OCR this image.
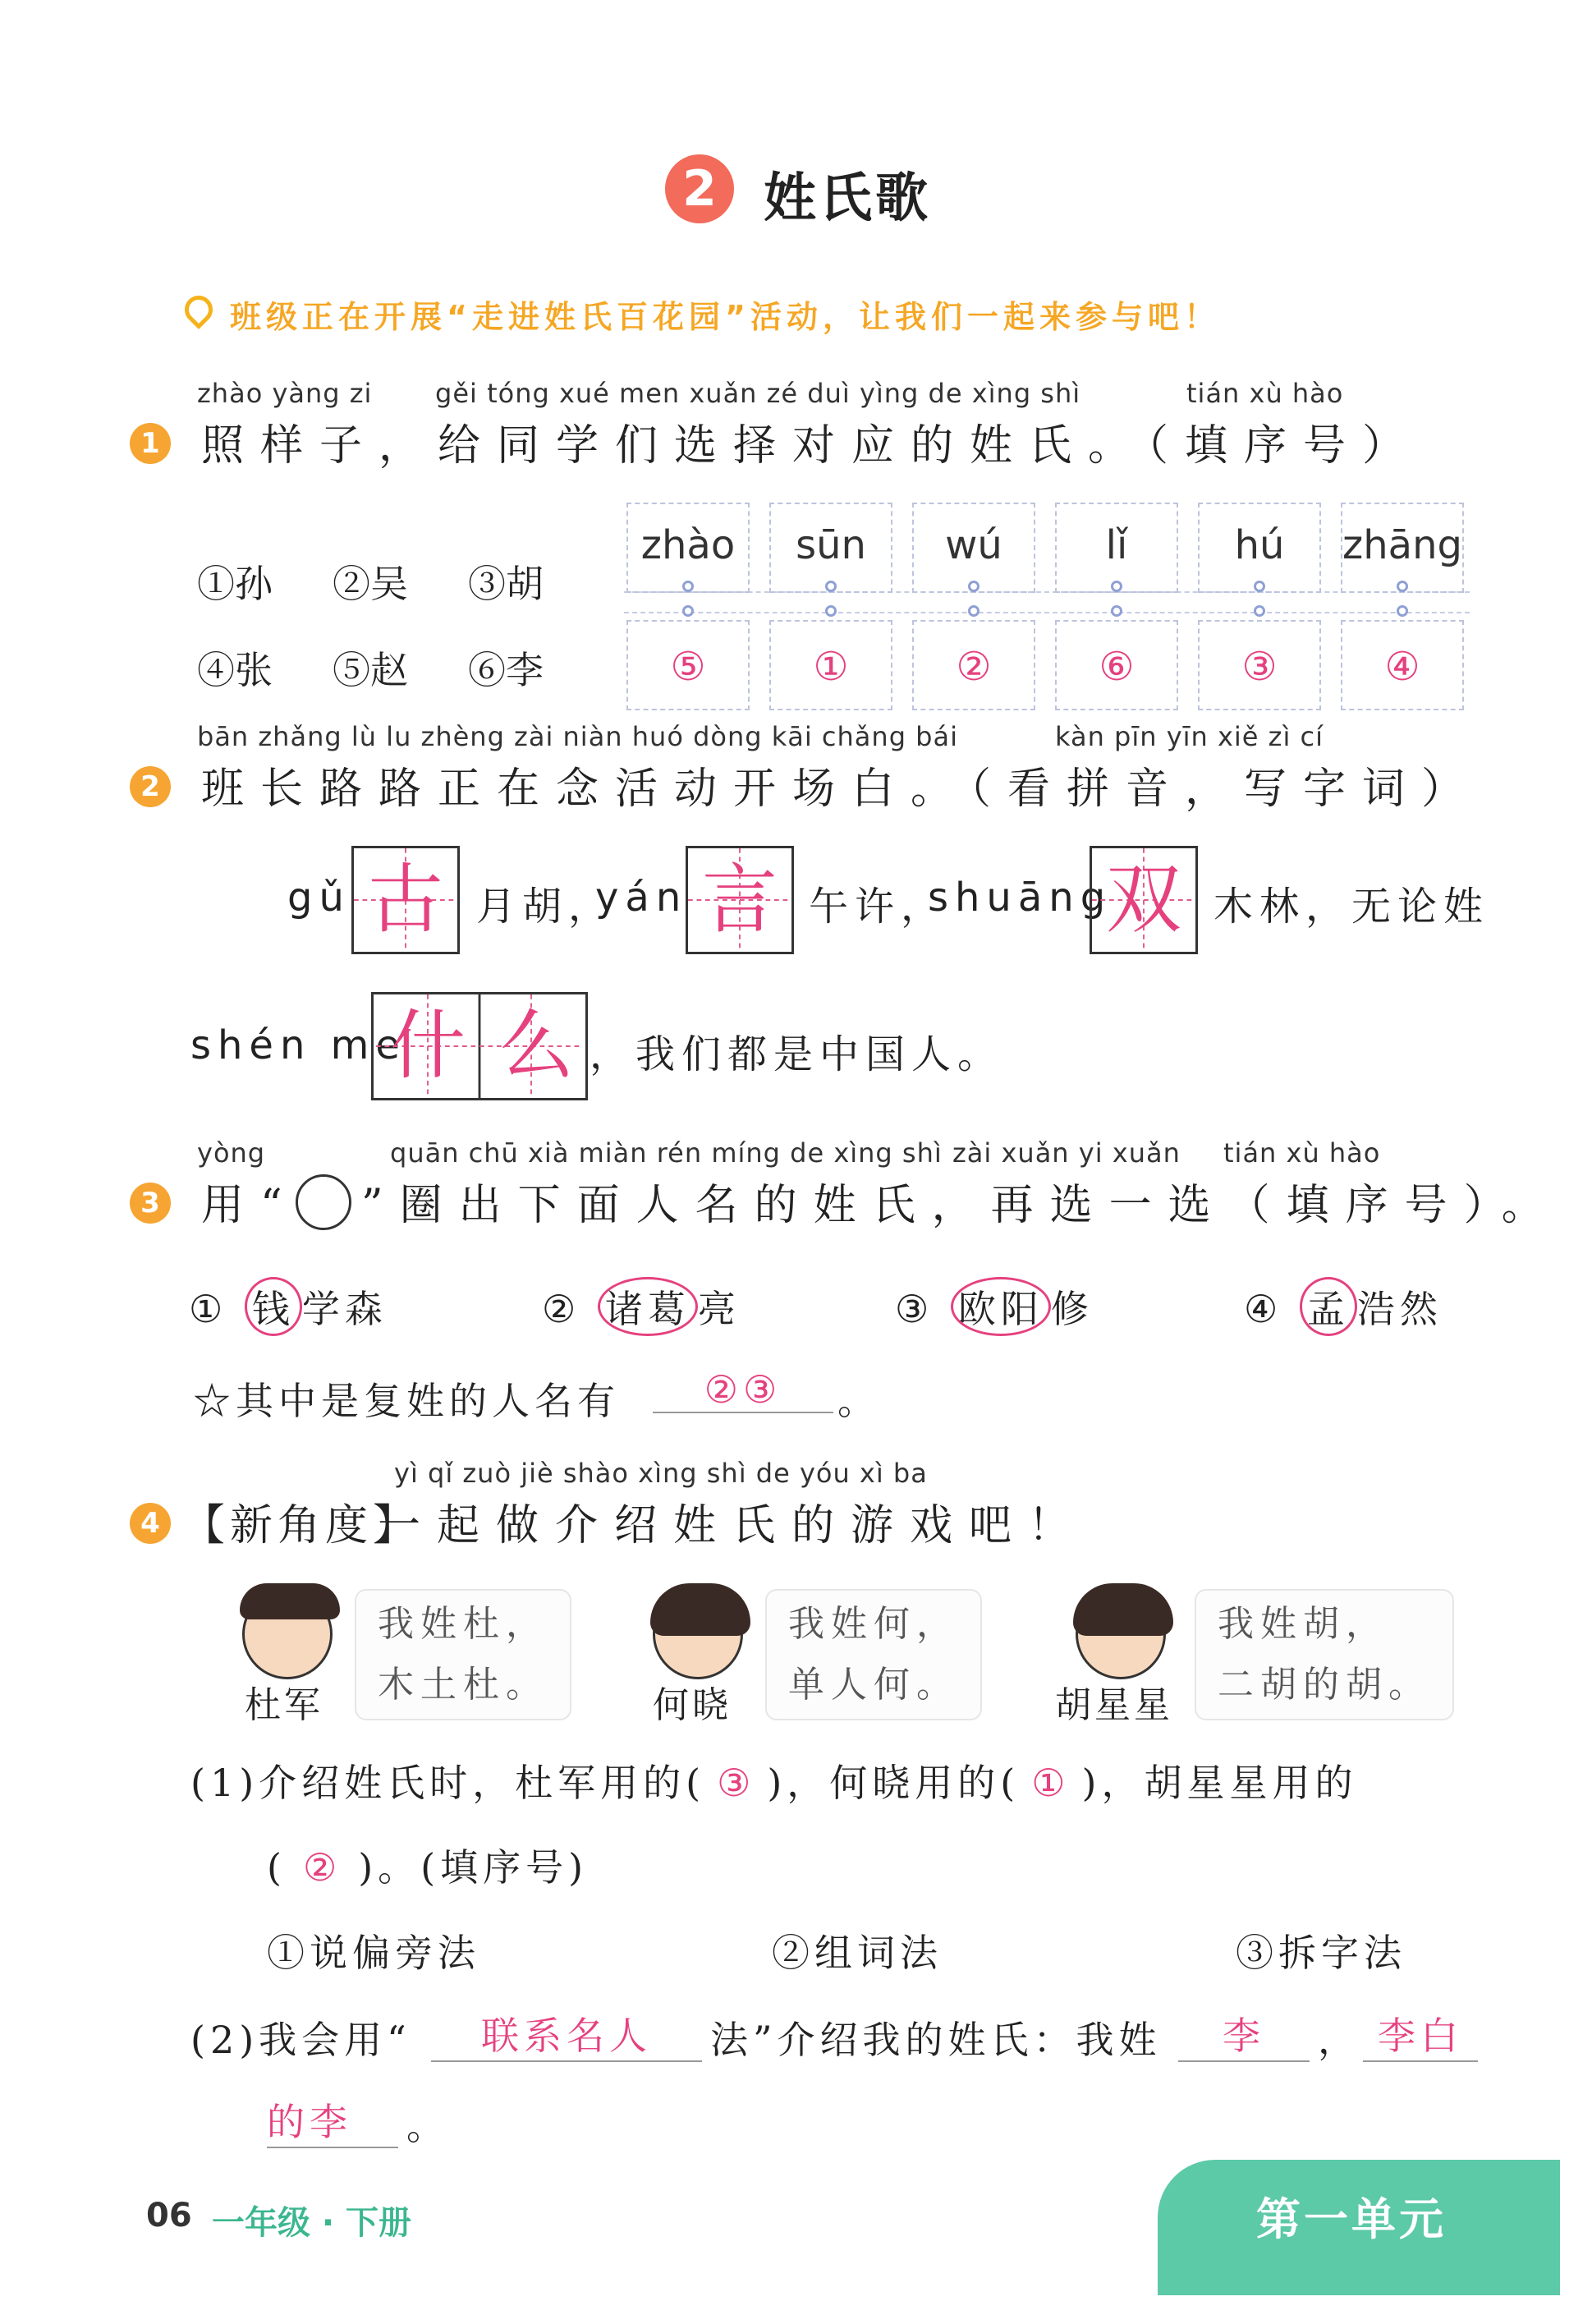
2 姓氏歌
班级正在开展“走进姓氏百花园”活动，让我们一起来参与吧！
zhào yàng zi gěi tóng xué men xuǎn zé duì yìng de xìng shì	tián xù hào
1 照样子，给同学们选择对应的姓氏。（填序号）
①孙 ②吴 ③胡
④张 ⑤赵 ⑥李
zhào	sūn	wú	lǐ	hú	zhāng
⑤	①	②	⑥	③	④
bān zhǎng lù lu zhèng zài niàn huó dòng kāi chǎng bái	kàn pīn yīn xiě zì cí
2 班长路路正在念活动开场白。（看拼音，写字词）
gǔ 古 月胡，
yán 言 午许，
shuāng
双 木林，无论姓
shén me
什 么 ，我们都是中国人。
yòng	quān chū xià miàn rén míng de xìng shì zài xuǎn yi xuǎn tián xù hào
3 用“ ”圈出下面人名的姓氏，再选一选（填序号）。
① 钱 学森	② 诸葛 亮	③ 欧阳 修	④ 孟 浩然
☆其中是复姓的人名有	②③	。
yì qǐ zuò jiè shào xìng shì de yóu xì ba
4 【新角度】
一起做介绍姓氏的游戏吧！
杜军
我姓杜，
木土杜。	何晓
我姓何，
单人何。	胡星星
我姓胡，
二胡的胡。
(1)介绍姓氏时，杜军用的( ③ )，何晓用的( ① )，胡星星用的
( ② )。(填序号)
①说偏旁法	②组词法	③拆字法
(2)我会用“	联系名人	法”介绍我的姓氏：我姓	李	， 李白
的李	。
06 一年级 · 下册	第一单元
